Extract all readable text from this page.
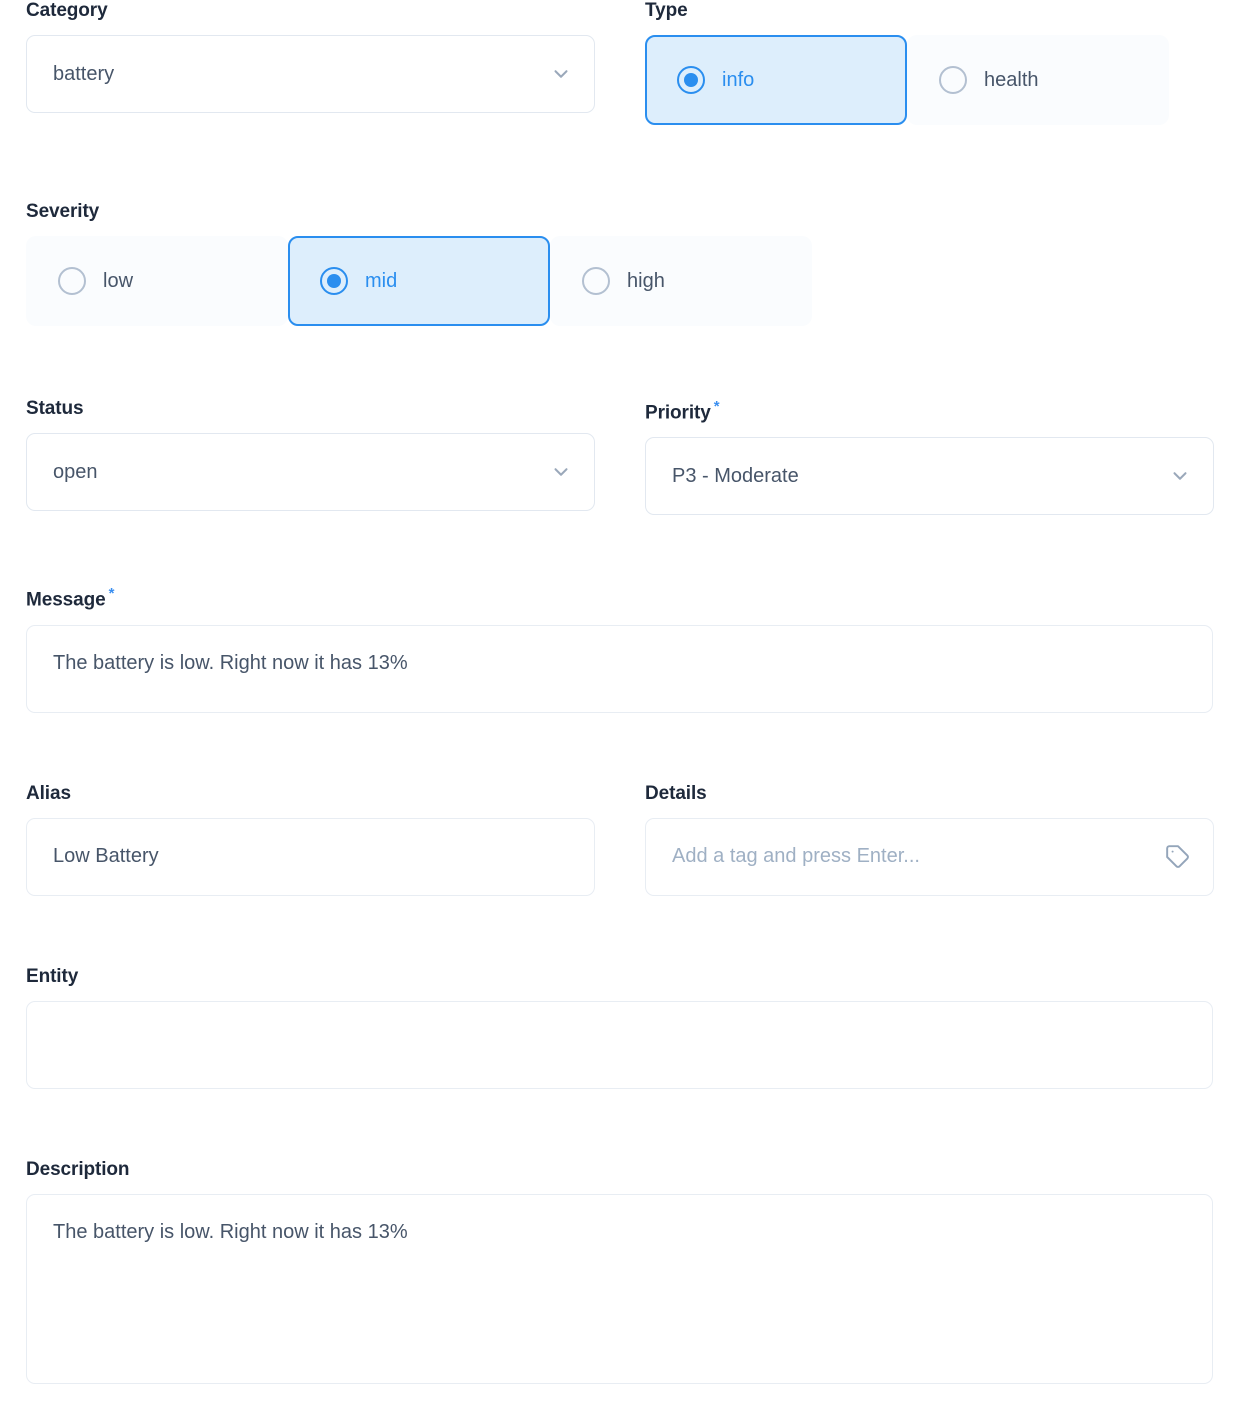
Category
battery
Type
info	health
Severity
low	mid	high
Status
open
Priority *
P3 - Moderate
Message *
The battery is low. Right now it has 13%
Alias
Low Battery
Details
Add a tag and press Enter...
Entity
Description
The battery is low. Right now it has 13%
